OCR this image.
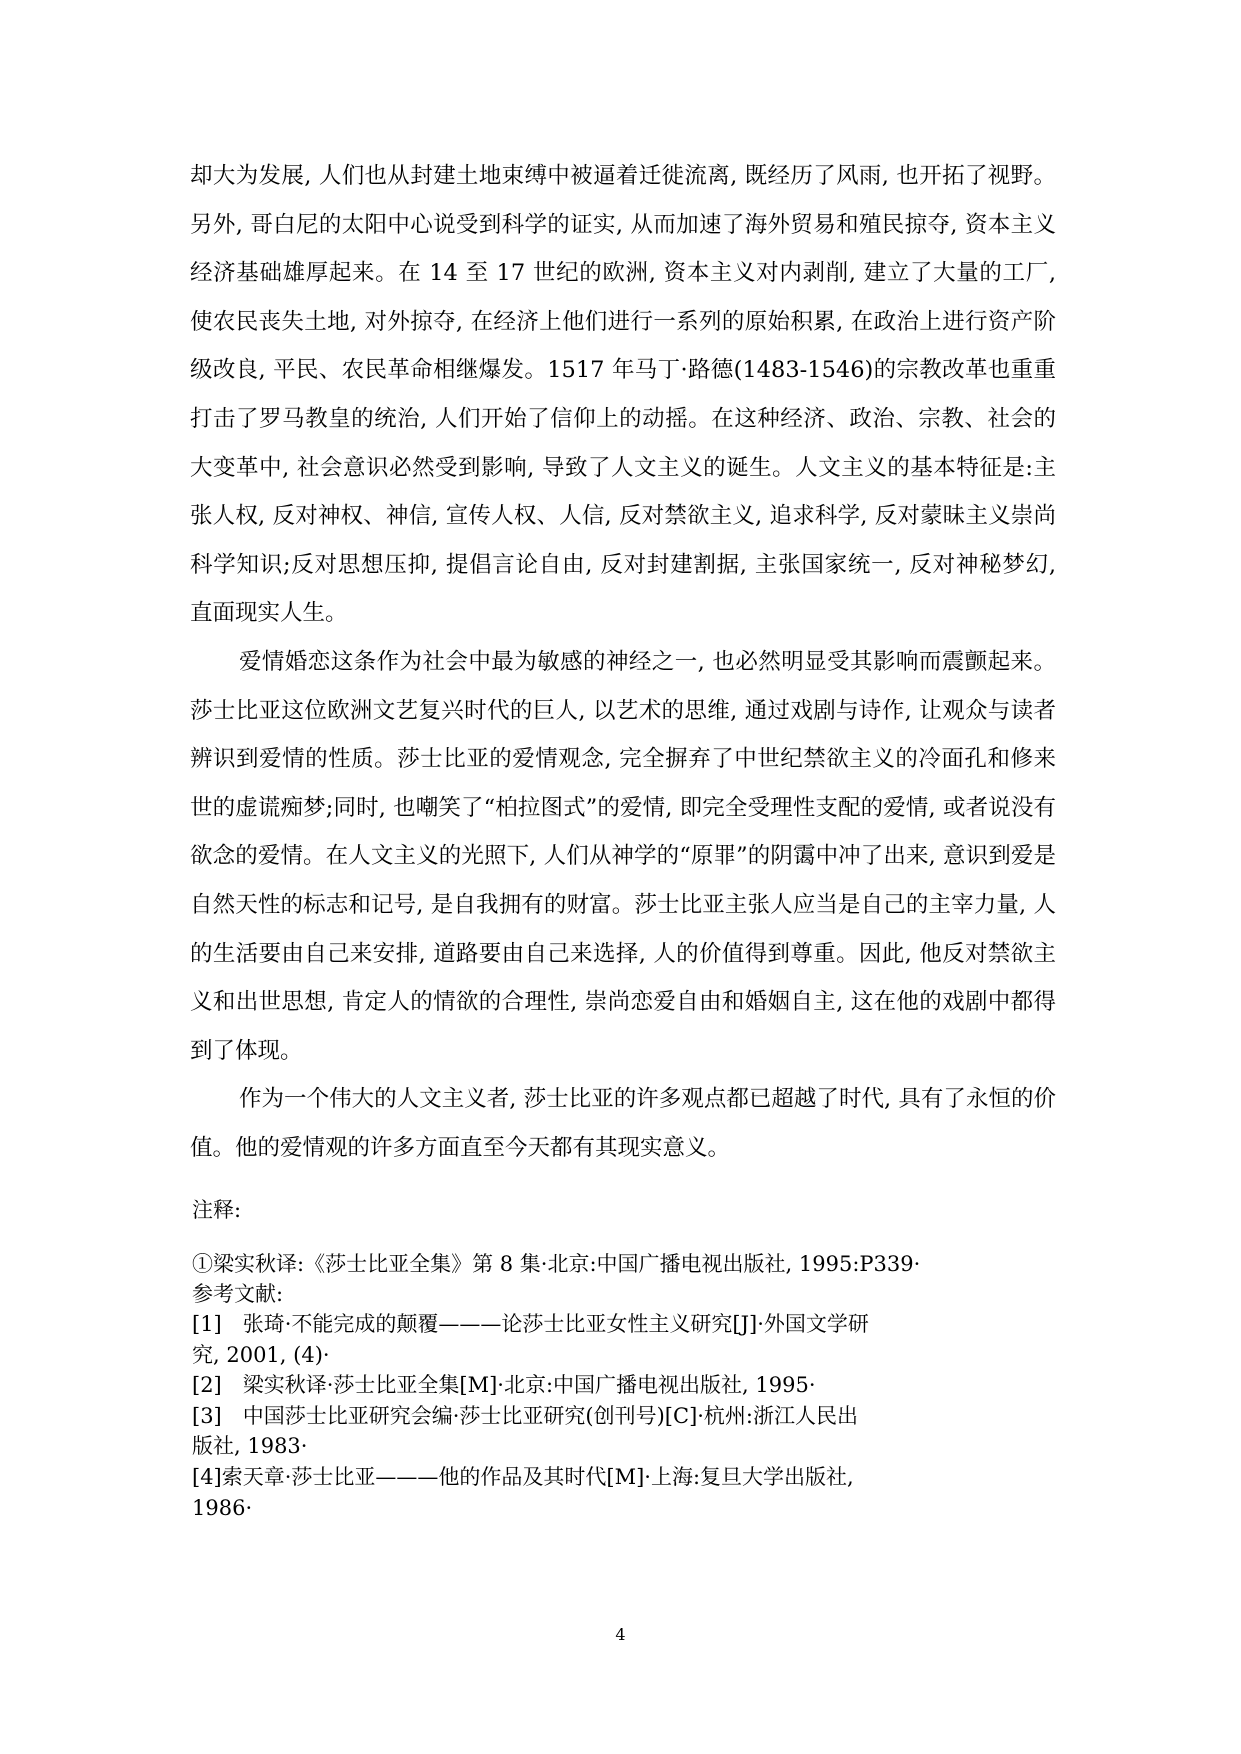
却大为发展, 人们也从封建土地束缚中被逼着迁徙流离, 既经历了风雨, 也开拓了视野。另外, 哥白尼的太阳中心说受到科学的证实, 从而加速了海外贸易和殖民掠夺, 资本主义经济基础雄厚起来。在 14 至 17 世纪的欧洲, 资本主义对内剥削, 建立了大量的工厂, 使农民丧失土地, 对外掠夺, 在经济上他们进行一系列的原始积累, 在政治上进行资产阶级改良, 平民、农民革命相继爆发。1517 年马丁·路德(1483-1546)的宗教改革也重重打击了罗马教皇的统治, 人们开始了信仰上的动摇。在这种经济、政治、宗教、社会的大变革中, 社会意识必然受到影响, 导致了人文主义的诞生。人文主义的基本特征是:主张人权, 反对神权、神信, 宣传人权、人信, 反对禁欲主义, 追求科学, 反对蒙昧主义崇尚科学知识;反对思想压抑, 提倡言论自由, 反对封建割据, 主张国家统一, 反对神秘梦幻, 直面现实人生。

爱情婚恋这条作为社会中最为敏感的神经之一, 也必然明显受其影响而震颤起来。莎士比亚这位欧洲文艺复兴时代的巨人, 以艺术的思维, 通过戏剧与诗作, 让观众与读者辨识到爱情的性质。莎士比亚的爱情观念, 完全摒弃了中世纪禁欲主义的冷面孔和修来世的虚谎痴梦;同时, 也嘲笑了“柏拉图式”的爱情, 即完全受理性支配的爱情, 或者说没有欲念的爱情。在人文主义的光照下, 人们从神学的“原罪”的阴霭中冲了出来, 意识到爱是自然天性的标志和记号, 是自我拥有的财富。莎士比亚主张人应当是自己的主宰力量, 人的生活要由自己来安排, 道路要由自己来选择, 人的价值得到尊重。因此, 他反对禁欲主义和出世思想, 肯定人的情欲的合理性, 崇尚恋爱自由和婚姻自主, 这在他的戏剧中都得到了体现。

作为一个伟大的人文主义者, 莎士比亚的许多观点都已超越了时代, 具有了永恒的价值。他的爱情观的许多方面直至今天都有其现实意义。

注释:

①梁实秋译:《莎士比亚全集》第 8 集·北京:中国广播电视出版社, 1995:P339·

参考文献:

[1]　张琦·不能完成的颠覆———论莎士比亚女性主义研究[J]·外国文学研究, 2001, (4)·
[2]　梁实秋译·莎士比亚全集[M]·北京:中国广播电视出版社, 1995·
[3]　中国莎士比亚研究会编·莎士比亚研究(创刊号)[C]·杭州:浙江人民出版社, 1983·
[4]索天章·莎士比亚———他的作品及其时代[M]·上海:复旦大学出版社, 1986·
4
